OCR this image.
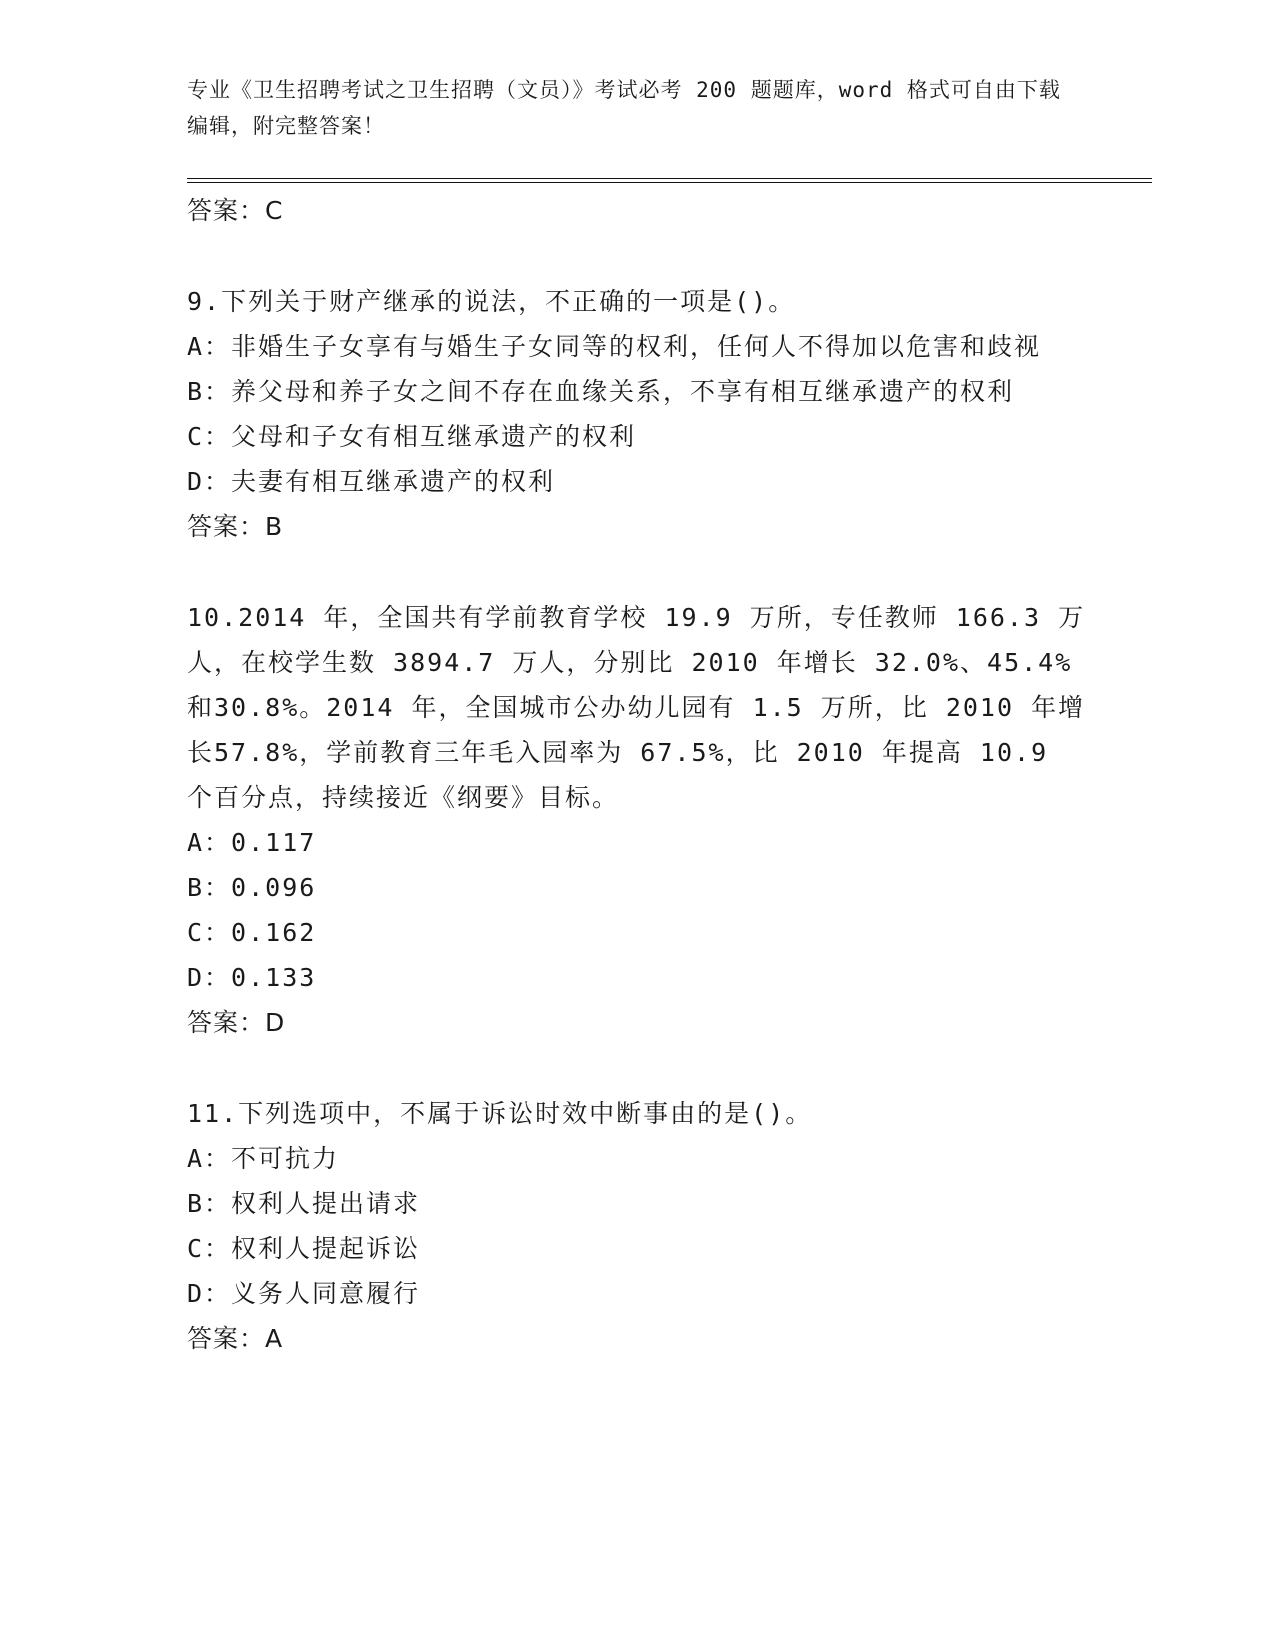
专业《卫生招聘考试之卫生招聘（文员）》考试必考 200 题题库，word 格式可自由下载编辑，附完整答案！
答案：C
9.下列关于财产继承的说法，不正确的一项是()。
A：非婚生子女享有与婚生子女同等的权利，任何人不得加以危害和歧视
B：养父母和养子女之间不存在血缘关系，不享有相互继承遗产的权利
C：父母和子女有相互继承遗产的权利
D：夫妻有相互继承遗产的权利
答案：B
10.2014 年，全国共有学前教育学校 19.9 万所，专任教师 166.3 万人，在校学生数 3894.7 万人，分别比 2010 年增长 32.0%、45.4%和30.8%。2014 年，全国城市公办幼儿园有 1.5 万所，比 2010 年增长57.8%，学前教育三年毛入园率为 67.5%，比 2010 年提高 10.9 个百分点，持续接近《纲要》目标。
A：0.117
B：0.096
C：0.162
D：0.133
答案：D
11.下列选项中，不属于诉讼时效中断事由的是()。
A：不可抗力
B：权利人提出请求
C：权利人提起诉讼
D：义务人同意履行
答案：A
